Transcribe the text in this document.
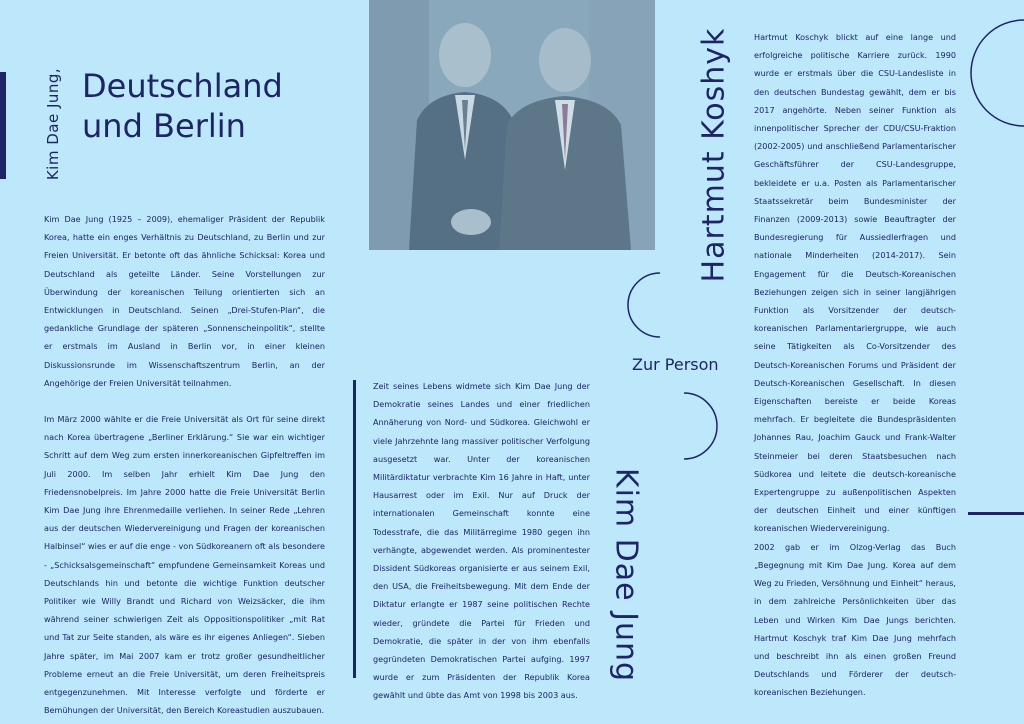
Kim Dae Jung, Deutschland
und Berlin

Kim Dae Jung (1925 – 2009), ehemaliger Präsident der Republik Korea, hatte ein enges Verhältnis zu Deutschland, zu Berlin und zur Freien Universität. Er betonte oft das ähnliche Schicksal: Korea und Deutschland als geteilte Länder. Seine Vorstellungen zur Überwindung der koreanischen Teilung orientierten sich an Entwicklungen in Deutschland. Seinen „Drei-Stufen-Plan“, die gedankliche Grundlage der späteren „Sonnenscheinpolitik“, stellte er erstmals im Ausland in Berlin vor, in einer kleinen Diskussionsrunde im Wissenschaftszentrum Berlin, an der Angehörige der Freien Universität teilnahmen.

Im März 2000 wählte er die Freie Universität als Ort für seine direkt nach Korea übertragene „Berliner Erklärung.“ Sie war ein wichtiger Schritt auf dem Weg zum ersten innerkoreanischen Gipfeltreffen im Juli 2000. Im selben Jahr erhielt Kim Dae Jung den Friedensnobelpreis. Im Jahre 2000 hatte die Freie Universität Berlin Kim Dae Jung ihre Ehrenmedaille verliehen. In seiner Rede „Lehren aus der deutschen Wiedervereinigung und Fragen der koreanischen Halbinsel“ wies er auf die enge - von Südkoreanern oft als besondere - „Schicksalsgemeinschaft“ empfundene Gemeinsamkeit Koreas und Deutschlands hin und betonte die wichtige Funktion deutscher Politiker wie Willy Brandt und Richard von Weizsäcker, die ihm während seiner schwierigen Zeit als Oppositionspolitiker „mit Rat und Tat zur Seite standen, als wäre es ihr eigenes Anliegen“. Sieben Jahre später, im Mai 2007 kam er trotz großer gesundheitlicher Probleme erneut an die Freie Universität, um deren Freiheitspreis entgegenzunehmen. Mit Interesse verfolgte und förderte er Bemühungen der Universität, den Bereich Koreastudien auszubauen.

Zeit seines Lebens widmete sich Kim Dae Jung der Demokratie seines Landes und einer friedlichen Annäherung von Nord- und Südkorea. Gleichwohl er viele Jahrzehnte lang massiver politischer Verfolgung ausgesetzt war. Unter der koreanischen Militärdiktatur verbrachte Kim 16 Jahre in Haft, unter Hausarrest oder im Exil. Nur auf Druck der internationalen Gemeinschaft konnte eine Todesstrafe, die das Militärregime 1980 gegen ihn verhängte, abgewendet werden. Als prominentester Dissident Südkoreas organisierte er aus seinem Exil, den USA, die Freiheitsbewegung. Mit dem Ende der Diktatur erlangte er 1987 seine politischen Rechte wieder, gründete die Partei für Frieden und Demokratie, die später in der von ihm ebenfalls gegründeten Demokratischen Partei aufging. 1997 wurde er zum Präsidenten der Republik Korea gewählt und übte das Amt von 1998 bis 2003 aus.

Hartmut Koshyk
Zur Person
Kim Dae Jung

Hartmut Koschyk blickt auf eine lange und erfolgreiche politische Karriere zurück. 1990 wurde er erstmals über die CSU-Landesliste in den deutschen Bundestag gewählt, dem er bis 2017 angehörte. Neben seiner Funktion als innenpolitischer Sprecher der CDU/CSU-Fraktion (2002-2005) und anschließend Parlamentarischer Geschäftsführer der CSU-Landesgruppe, bekleidete er u.a. Posten als Parlamentarischer Staatssekretär beim Bundesminister der Finanzen (2009-2013) sowie Beauftragter der Bundesregierung für Aussiedlerfragen und nationale Minderheiten (2014-2017). Sein Engagement für die Deutsch-Koreanischen Beziehungen zeigen sich in seiner langjährigen Funktion als Vorsitzender der deutsch-koreanischen Parlamentariergruppe, wie auch seine Tätigkeiten als Co-Vorsitzender des Deutsch-Koreanischen Forums und Präsident der Deutsch-Koreanischen Gesellschaft. In diesen Eigenschaften bereiste er beide Koreas mehrfach. Er begleitete die Bundespräsidenten Johannes Rau, Joachim Gauck und Frank-Walter Steinmeier bei deren Staatsbesuchen nach Südkorea und leitete die deutsch-koreanische Expertengruppe zu außenpolitischen Aspekten der deutschen Einheit und einer künftigen koreanischen Wiedervereinigung.

2002 gab er im Olzog-Verlag das Buch „Begegnung mit Kim Dae Jung. Korea auf dem Weg zu Frieden, Versöhnung und Einheit“ heraus, in dem zahlreiche Persönlichkeiten über das Leben und Wirken Kim Dae Jungs berichten. Hartmut Koschyk traf Kim Dae Jung mehrfach und beschreibt ihn als einen großen Freund Deutschlands und Förderer der deutsch-koreanischen Beziehungen.
